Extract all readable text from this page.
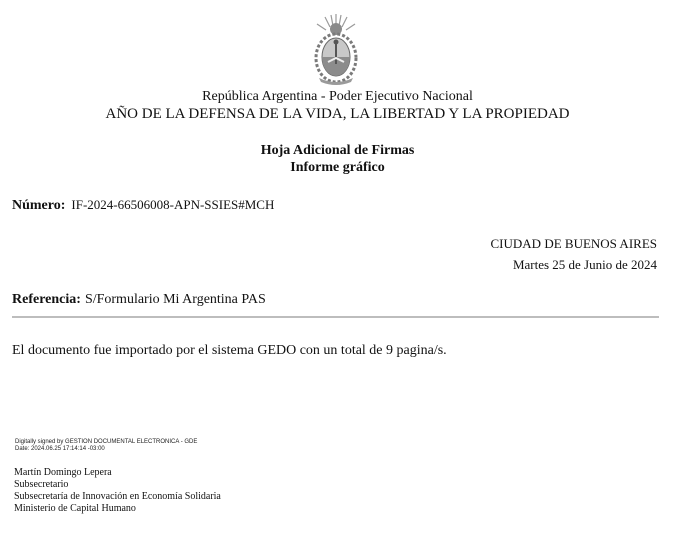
República Argentina - Poder Ejecutivo Nacional
AÑO DE LA DEFENSA DE LA VIDA, LA LIBERTAD Y LA PROPIEDAD
Hoja Adicional de Firmas
Informe gráfico
Número: IF-2024-66506008-APN-SSIES#MCH
CIUDAD DE BUENOS AIRES
Martes 25 de Junio de 2024
Referencia: S/Formulario Mi Argentina PAS
El documento fue importado por el sistema GEDO con un total de 9 pagina/s.
Digitally signed by GESTION DOCUMENTAL ELECTRONICA - GDE
Date: 2024.06.25 17:14:14 -03:00
Martín Domingo Lepera
Subsecretario
Subsecretaría de Innovación en Economía Solidaria
Ministerio de Capital Humano
